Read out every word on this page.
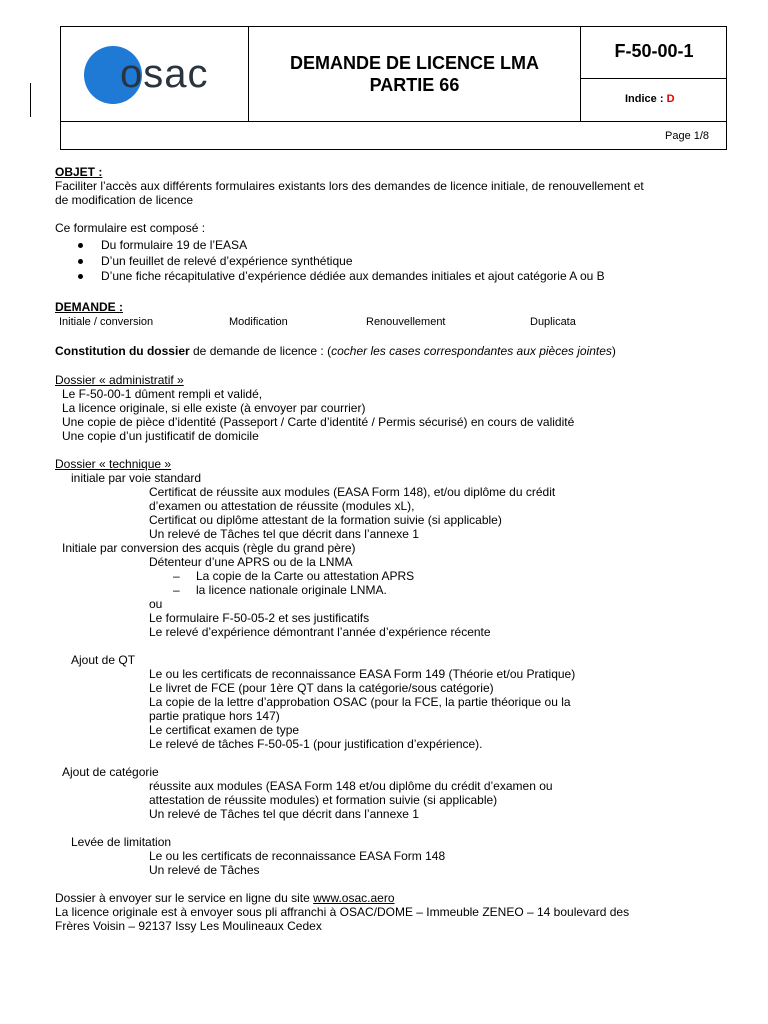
osac	DEMANDE DE LICENCE LMA
PARTIE 66
F-50-00-1
Indice : D
Page 1/8
OBJET :
Faciliter l’accès aux différents formulaires existants lors des demandes de licence initiale, de renouvellement et
de modification de licence
Ce formulaire est composé :
Du formulaire 19 de l’EASA
D’un feuillet de relevé d’expérience synthétique
D’une fiche récapitulative d’expérience dédiée aux demandes initiales et ajout catégorie A ou B
DEMANDE :
Initiale / conversion	Modification	Renouvellement	Duplicata
Constitution du dossier de demande de licence : (cocher les cases correspondantes aux pièces jointes)
Dossier « administratif »
Le F-50-00-1 dûment rempli et validé,
La licence originale, si elle existe (à envoyer par courrier)
Une copie de pièce d’identité (Passeport / Carte d’identité / Permis sécurisé) en cours de validité
Une copie d’un justificatif de domicile
Dossier « technique »
initiale par voie standard
Certificat de réussite aux modules (EASA Form 148), et/ou diplôme du crédit
d’examen ou attestation de réussite (modules xL),
Certificat ou diplôme attestant de la formation suivie (si applicable)
Un relevé de Tâches tel que décrit dans l’annexe 1
Initiale par conversion des acquis (règle du grand père)
Détenteur d’une APRS ou de la LNMA
– La copie de la Carte ou attestation APRS
– la licence nationale originale LNMA.
ou
Le formulaire F-50-05-2 et ses justificatifs
Le relevé d’expérience démontrant l’année d’expérience récente
Ajout de QT
Le ou les certificats de reconnaissance EASA Form 149 (Théorie et/ou Pratique)
Le livret de FCE (pour 1ère QT dans la catégorie/sous catégorie)
La copie de la lettre d’approbation OSAC (pour la FCE, la partie théorique ou la
partie pratique hors 147)
Le certificat examen de type
Le relevé de tâches F-50-05-1 (pour justification d’expérience).
Ajout de catégorie
réussite aux modules (EASA Form 148 et/ou diplôme du crédit d’examen ou
attestation de réussite modules) et formation suivie (si applicable)
Un relevé de Tâches tel que décrit dans l’annexe 1
Levée de limitation
Le ou les certificats de reconnaissance EASA Form 148
Un relevé de Tâches
Dossier à envoyer sur le service en ligne du site www.osac.aero
La licence originale est à envoyer sous pli affranchi à OSAC/DOME – Immeuble ZENEO – 14 boulevard des
Frères Voisin – 92137 Issy Les Moulineaux Cedex
